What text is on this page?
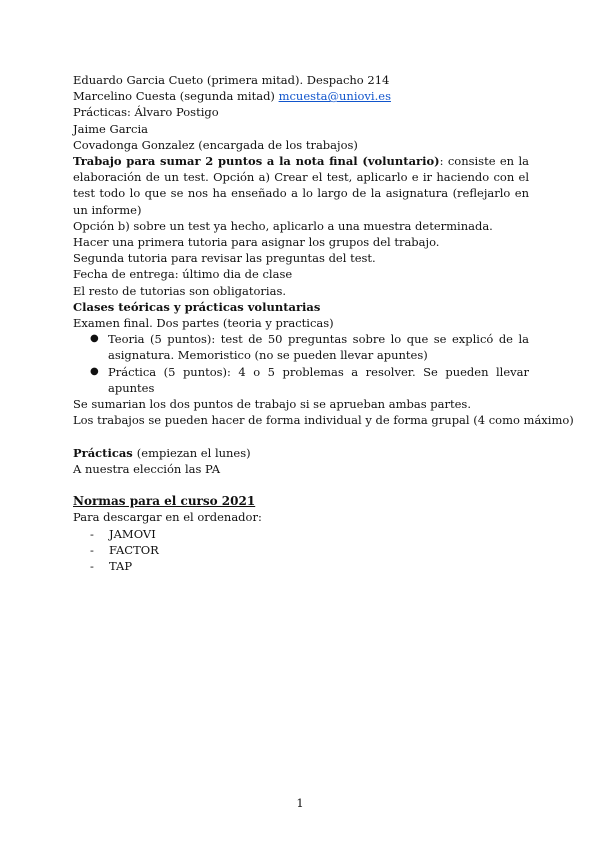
Eduardo Garcia Cueto (primera mitad). Despacho 214
Marcelino Cuesta (segunda mitad) mcuesta@uniovi.es
Prácticas: Álvaro Postigo
Jaime Garcia
Covadonga Gonzalez (encargada de los trabajos)
Trabajo para sumar 2 puntos a la nota final (voluntario): consiste en la elaboración de un test. Opción a) Crear el test, aplicarlo e ir haciendo con el test todo lo que se nos ha enseñado a lo largo de la asignatura (reflejarlo en un informe)
Opción b) sobre un test ya hecho, aplicarlo a una muestra determinada.
Hacer una primera tutoria para asignar los grupos del trabajo.
Segunda tutoria para revisar las preguntas del test.
Fecha de entrega: último dia de clase
El resto de tutorias son obligatorias.
Clases teóricas y prácticas voluntarias
Examen final. Dos partes (teoria y practicas)
● Teoria (5 puntos): test de 50 preguntas sobre lo que se explicó de la asignatura. Memoristico (no se pueden llevar apuntes)
● Práctica (5 puntos): 4 o 5 problemas a resolver. Se pueden llevar apuntes
Se sumarian los dos puntos de trabajo si se aprueban ambas partes.
Los trabajos se pueden hacer de forma individual y de forma grupal (4 como máximo)
Prácticas (empiezan el lunes)
A nuestra elección las PA
Normas para el curso 2021
Para descargar en el ordenador:
- JAMOVI
- FACTOR
- TAP
1
